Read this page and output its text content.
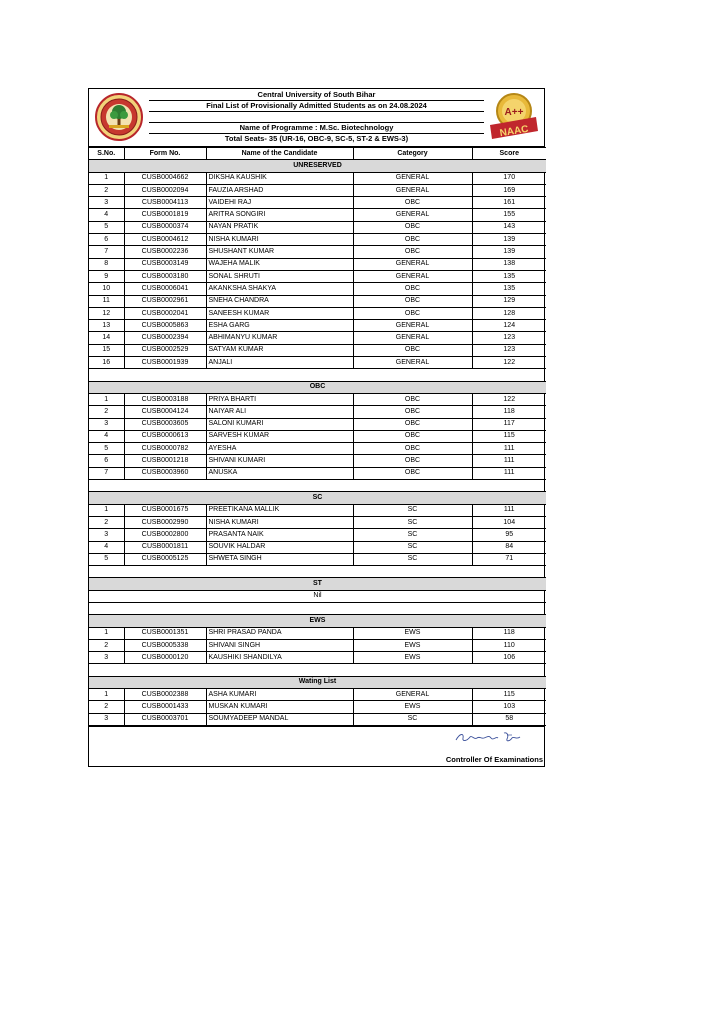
Central University of South Bihar
Final List of Provisionally Admitted Students as on 24.08.2024
Name of Programme : M.Sc. Biotechnology
Total Seats- 35 (UR-16, OBC-9, SC-5, ST-2 & EWS-3)
A++
NAAC
S.No.	Form No.	Name of the Candidate	Category	Score
UNRESERVED				
1	CUSB0004662	DIKSHA KAUSHIK	GENERAL	170
2	CUSB0002094	FAUZIA ARSHAD	GENERAL	169
3	CUSB0004113	VAIDEHI RAJ	OBC	161
4	CUSB0001819	ARITRA SONGIRI	GENERAL	155
5	CUSB0000374	NAYAN PRATIK	OBC	143
6	CUSB0004612	NISHA KUMARI	OBC	139
7	CUSB0002236	SHUSHANT KUMAR	OBC	139
8	CUSB0003149	WAJEHA MALIK	GENERAL	138
9	CUSB0003180	SONAL SHRUTI	GENERAL	135
10	CUSB0006041	AKANKSHA SHAKYA	OBC	135
11	CUSB0002961	SNEHA CHANDRA	OBC	129
12	CUSB0002041	SANEESH KUMAR	OBC	128
13	CUSB0005863	ESHA GARG	GENERAL	124
14	CUSB0002394	ABHIMANYU KUMAR	GENERAL	123
15	CUSB0002529	SATYAM KUMAR	OBC	123
16	CUSB0001939	ANJALI	GENERAL	122

OBC				
1	CUSB0003188	PRIYA BHARTI	OBC	122
2	CUSB0004124	NAIYAR ALI	OBC	118
3	CUSB0003605	SALONI KUMARI	OBC	117
4	CUSB0000613	SARVESH KUMAR	OBC	115
5	CUSB0000782	AYESHA	OBC	111
6	CUSB0001218	SHIVANI KUMARI	OBC	111
7	CUSB0003960	ANUSKA	OBC	111

SC				
1	CUSB0001675	PREETIKANA MALLIK	SC	111
2	CUSB0002990	NISHA KUMARI	SC	104
3	CUSB0002800	PRASANTA NAIK	SC	95
4	CUSB0001811	SOUVIK HALDAR	SC	84
5	CUSB0005125	SHWETA SINGH	SC	71

ST				
Nil				

EWS				
1	CUSB0001351	SHRI PRASAD PANDA	EWS	118
2	CUSB0005338	SHIVANI SINGH	EWS	110
3	CUSB0000120	KAUSHIKI SHANDILYA	EWS	106

Wating List				
1	CUSB0002388	ASHA KUMARI	GENERAL	115
2	CUSB0001433	MUSKAN KUMARI	EWS	103
3	CUSB0003701	SOUMYADEEP MANDAL	SC	58
Controller Of Examinations
